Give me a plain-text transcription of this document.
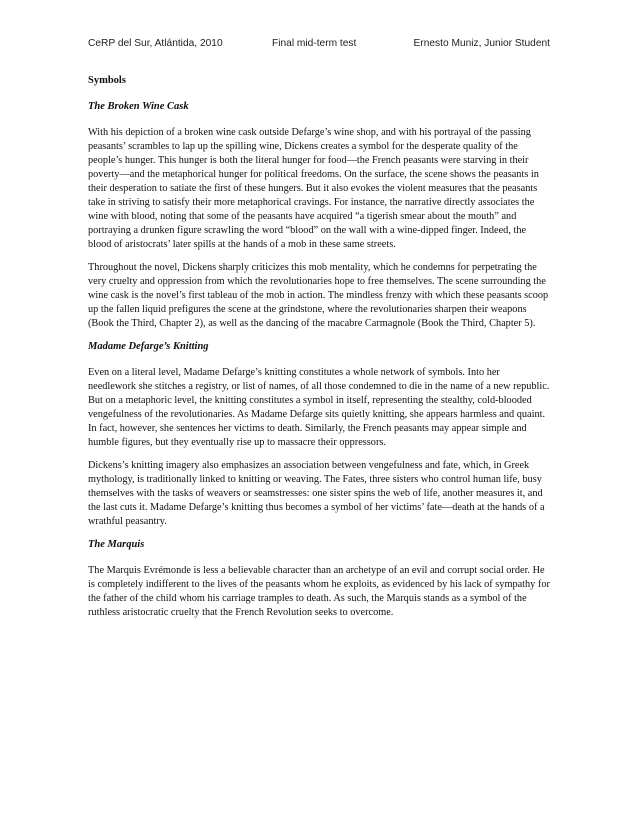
CeRP del Sur, Atlántida, 2010	Final mid-term test	Ernesto Muniz, Junior Student
Symbols
The Broken Wine Cask

With his depiction of a broken wine cask outside Defarge’s wine shop, and with his portrayal of the passing peasants’ scrambles to lap up the spilling wine, Dickens creates a symbol for the desperate quality of the people’s hunger. This hunger is both the literal hunger for food—the French peasants were starving in their poverty—and the metaphorical hunger for political freedoms. On the surface, the scene shows the peasants in their desperation to satiate the first of these hungers. But it also evokes the violent measures that the peasants take in striving to satisfy their more metaphorical cravings. For instance, the narrative directly associates the wine with blood, noting that some of the peasants have acquired “a tigerish smear about the mouth” and portraying a drunken figure scrawling the word “blood” on the wall with a wine-dipped finger. Indeed, the blood of aristocrats’ later spills at the hands of a mob in these same streets.

Throughout the novel, Dickens sharply criticizes this mob mentality, which he condemns for perpetrating the very cruelty and oppression from which the revolutionaries hope to free themselves. The scene surrounding the wine cask is the novel’s first tableau of the mob in action. The mindless frenzy with which these peasants scoop up the fallen liquid prefigures the scene at the grindstone, where the revolutionaries sharpen their weapons (Book the Third, Chapter 2), as well as the dancing of the macabre Carmagnole (Book the Third, Chapter 5).

Madame Defarge’s Knitting

Even on a literal level, Madame Defarge’s knitting constitutes a whole network of symbols. Into her needlework she stitches a registry, or list of names, of all those condemned to die in the name of a new republic. But on a metaphoric level, the knitting constitutes a symbol in itself, representing the stealthy, cold-blooded vengefulness of the revolutionaries. As Madame Defarge sits quietly knitting, she appears harmless and quaint. In fact, however, she sentences her victims to death. Similarly, the French peasants may appear simple and humble figures, but they eventually rise up to massacre their oppressors.

Dickens’s knitting imagery also emphasizes an association between vengefulness and fate, which, in Greek mythology, is traditionally linked to knitting or weaving. The Fates, three sisters who control human life, busy themselves with the tasks of weavers or seamstresses: one sister spins the web of life, another measures it, and the last cuts it. Madame Defarge’s knitting thus becomes a symbol of her victims’ fate—death at the hands of a wrathful peasantry.

The Marquis

The Marquis Evrémonde is less a believable character than an archetype of an evil and corrupt social order. He is completely indifferent to the lives of the peasants whom he exploits, as evidenced by his lack of sympathy for the father of the child whom his carriage tramples to death. As such, the Marquis stands as a symbol of the ruthless aristocratic cruelty that the French Revolution seeks to overcome.
